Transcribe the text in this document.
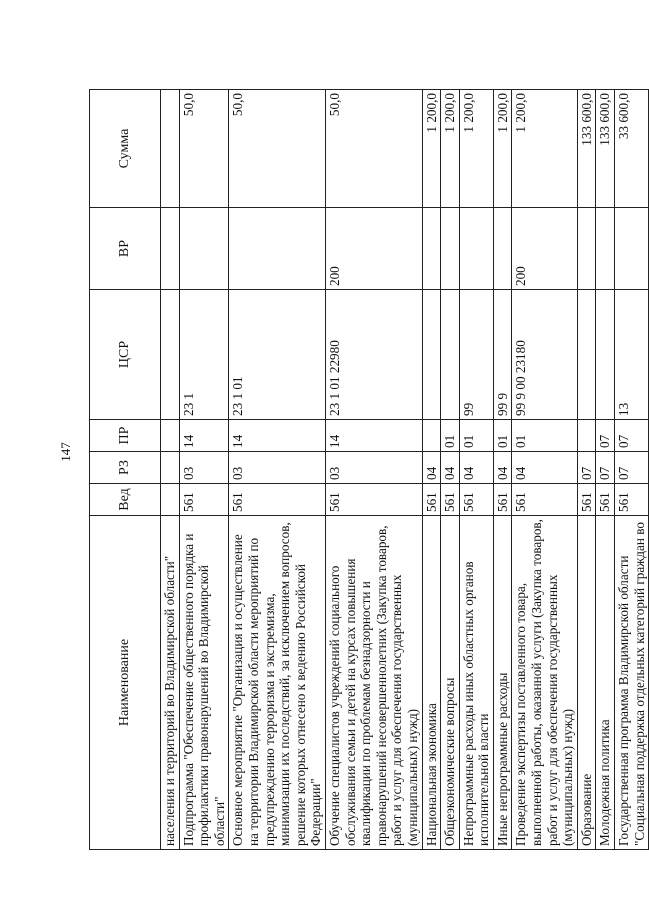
147
Наименование	Вед	РЗ	ПР	ЦСР	ВР	Сумма
населения и территорий во Владимирской области"						
Подпрограмма "Обеспечение общественного порядка и профилактики правонарушений во Владимирской области"	561	03	14	23 1		50,0
Основное мероприятие "Организация и осуществление на территории Владимирской области мероприятий по предупреждению терроризма и экстремизма, минимизации их последствий, за исключением вопросов, решение которых отнесено к ведению Российской Федерации"	561	03	14	23 1 01		50,0
Обучение специалистов учреждений социального обслуживания семьи и детей на курсах повышения квалификации по проблемам безнадзорности и правонарушений несовершеннолетних (Закупка товаров, работ и услуг для обеспечения государственных (муниципальных) нужд)	561	03	14	23 1 01 22980	200	50,0
Национальная экономика	561	04				1 200,0
Общеэкономические вопросы	561	04	01			1 200,0
Непрограммные расходы иных областных органов исполнительной власти	561	04	01	99		1 200,0
Иные непрограммные расходы	561	04	01	99 9		1 200,0
Проведение экспертизы поставленного товара, выполненной работы, оказанной услуги (Закупка товаров, работ и услуг для обеспечения государственных (муниципальных) нужд)	561	04	01	99 9 00 23180	200	1 200,0
Образование	561	07				133 600,0
Молодежная политика	561	07	07			133 600,0
Государственная программа Владимирской области "Социальная поддержка отдельных категорий граждан во	561	07	07	13		33 600,0
